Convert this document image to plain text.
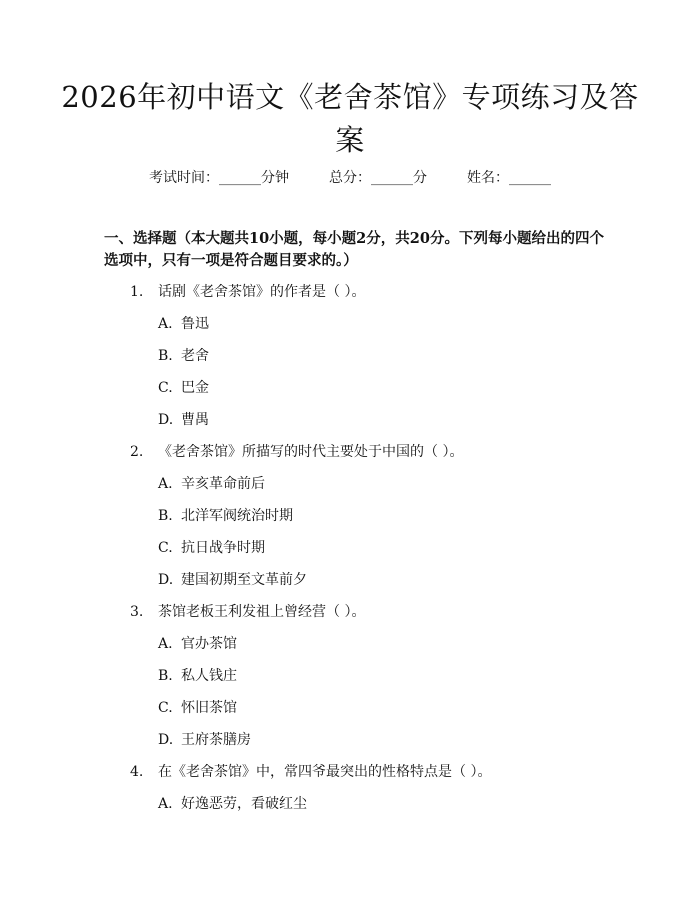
2026年初中语文《老舍茶馆》专项练习及答
案
考试时间：______分钟	总分：______分	姓名：______
一、选择题（本大题共10小题，每小题2分，共20分。下列每小题给出的四个选项中，只有一项是符合题目要求的。）
1. 话剧《老舍茶馆》的作者是（ ）。
A. 鲁迅
B. 老舍
C. 巴金
D. 曹禺
2. 《老舍茶馆》所描写的时代主要处于中国的（ ）。
A. 辛亥革命前后
B. 北洋军阀统治时期
C. 抗日战争时期
D. 建国初期至文革前夕
3. 茶馆老板王利发祖上曾经营（ ）。
A. 官办茶馆
B. 私人钱庄
C. 怀旧茶馆
D. 王府茶膳房
4. 在《老舍茶馆》中，常四爷最突出的性格特点是（ ）。
A. 好逸恶劳，看破红尘
